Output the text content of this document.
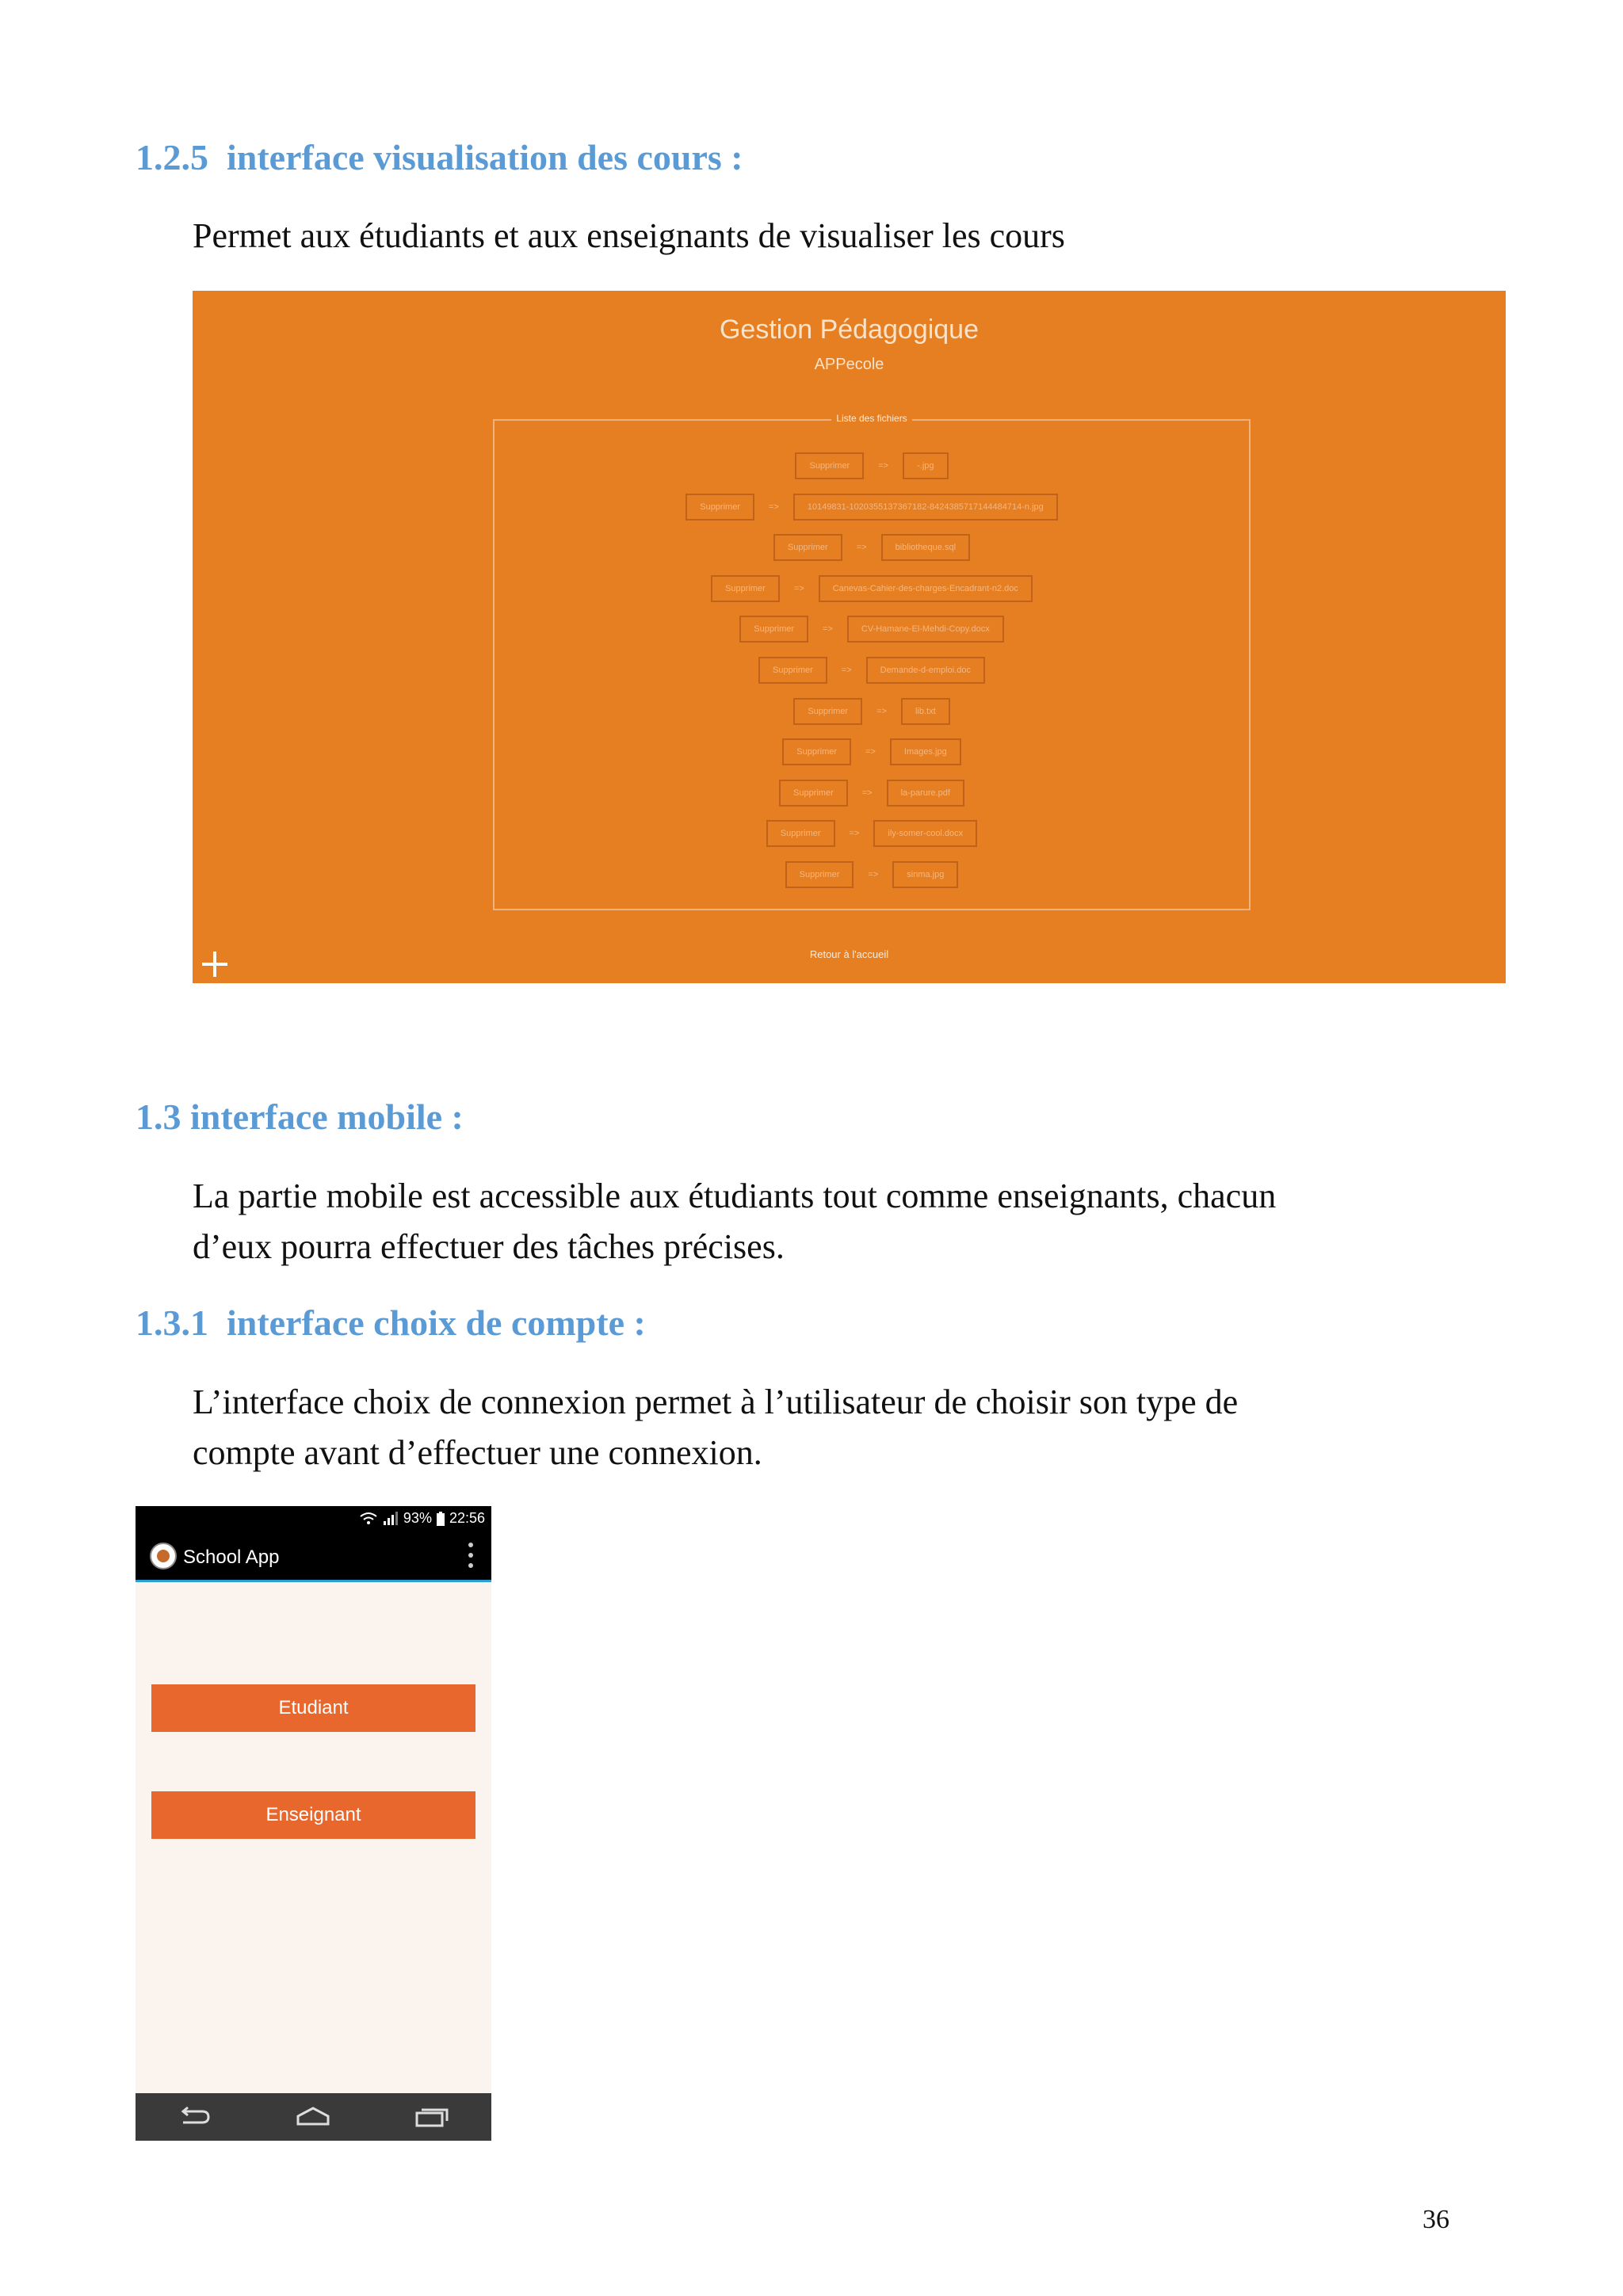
1.2.5 interface visualisation des cours :
Permet aux étudiants et aux enseignants de visualiser les cours
Gestion Pédagogique
APPecole
Liste des fichiers
Supprimer	=>	-.jpg
Supprimer	=>	10149831-1020355137367182-8424385717144484714-n.jpg
Supprimer	=>	bibliotheque.sql
Supprimer	=>	Canevas-Cahier-des-charges-Encadrant-n2.doc
Supprimer	=>	CV-Hamane-El-Mehdi-Copy.docx
Supprimer	=>	Demande-d-emploi.doc
Supprimer	=>	lib.txt
Supprimer	=>	Images.jpg
Supprimer	=>	la-parure.pdf
Supprimer	=>	ily-somer-cool.docx
Supprimer	=>	sinma.jpg
Retour à l'accueil
1.3 interface mobile :
La partie mobile est accessible aux étudiants tout comme enseignants, chacun
d’eux pourra effectuer des tâches précises.
1.3.1 interface choix de compte :
L’interface choix de connexion permet à l’utilisateur de choisir son type de
compte avant d’effectuer une connexion.
93% 22:56
School App
Etudiant
Enseignant
36
